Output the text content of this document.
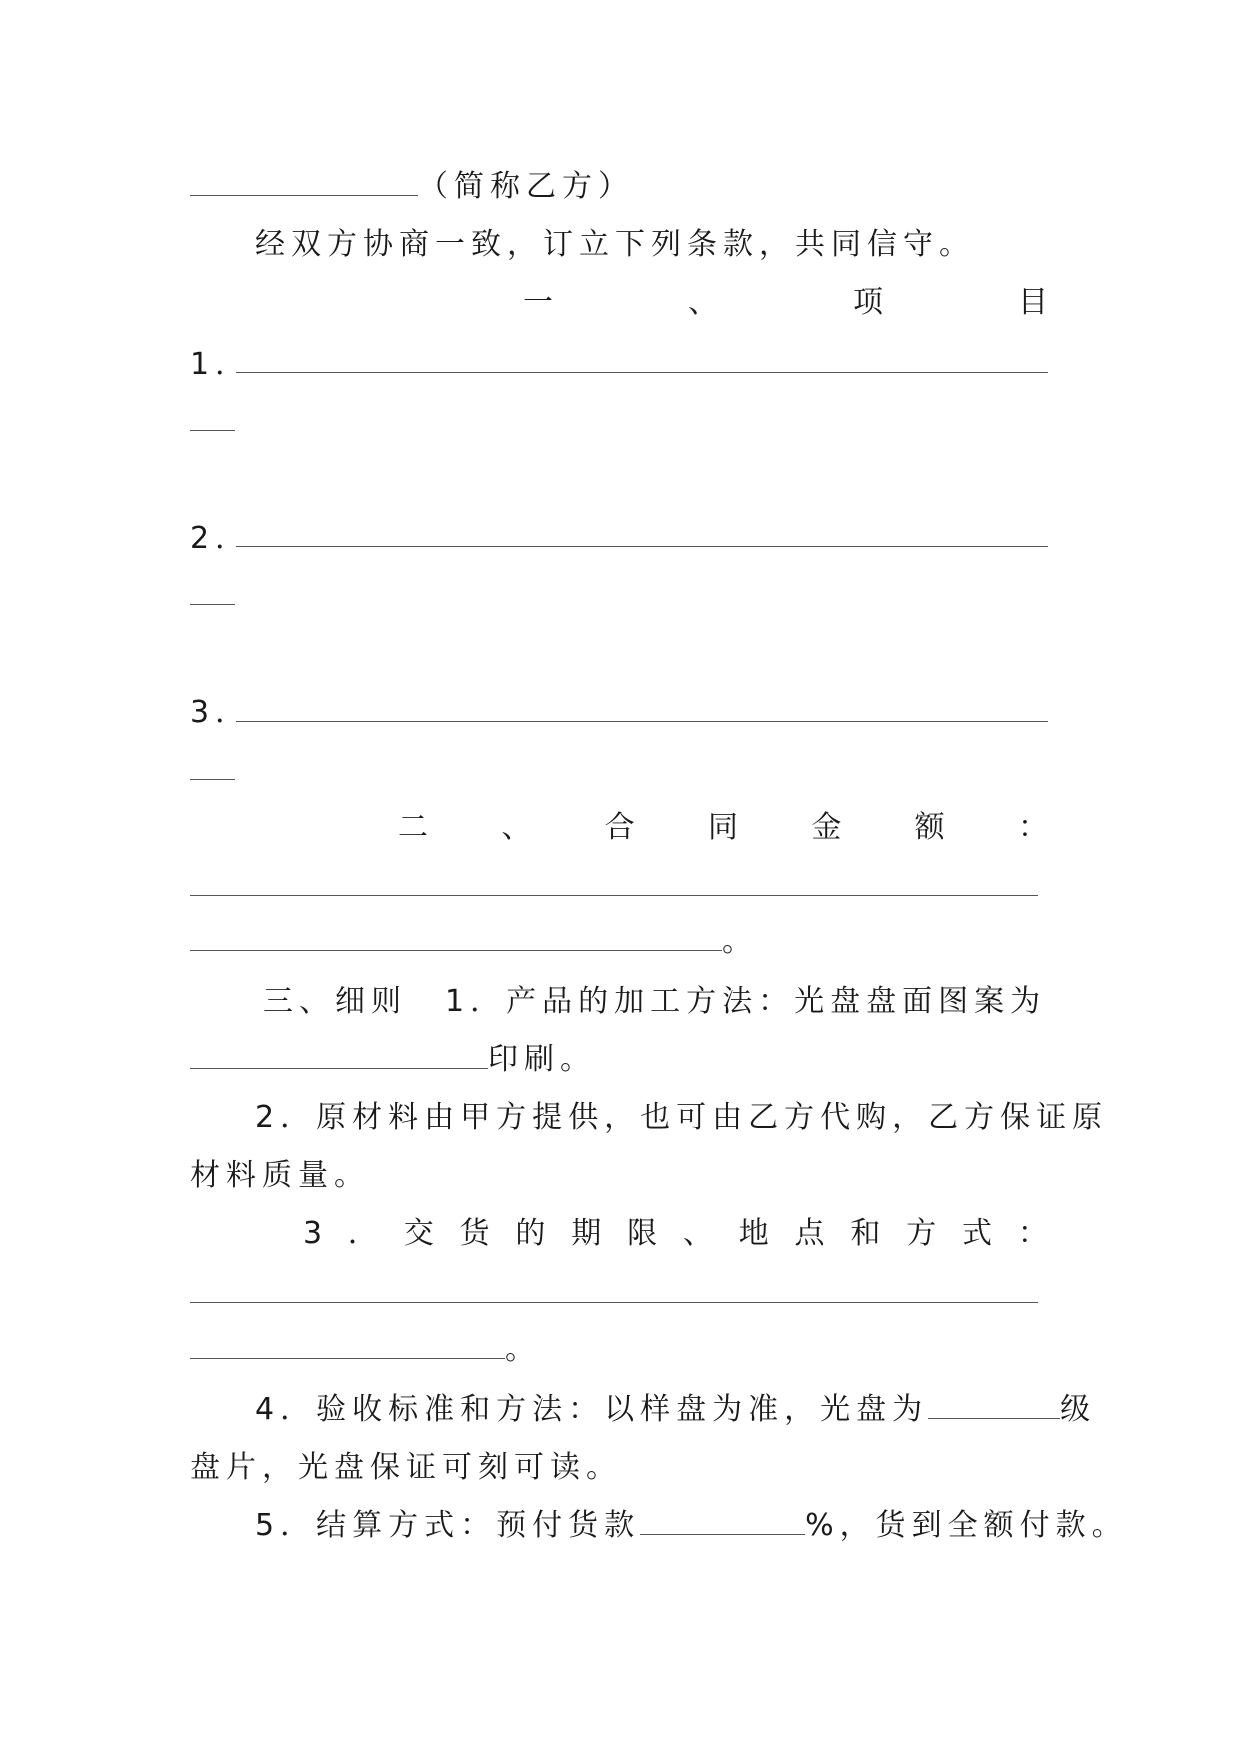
（简称乙方）
经双方协商一致，订立下列条款，共同信守。
一	、	项	目
1．
2．
3．
二 、 合 同 金 额 ：
。
三、细则 1．产品的加工方法：光盘盘面图案为
印刷。
2．原材料由甲方提供，也可由乙方代购，乙方保证原
材料质量。
3 ． 交 货 的 期 限 、 地 点 和 方 式 ：
。
4．验收标准和方法：以样盘为准，光盘为	级
盘片，光盘保证可刻可读。
5．结算方式：预付货款	%，货到全额付款。
